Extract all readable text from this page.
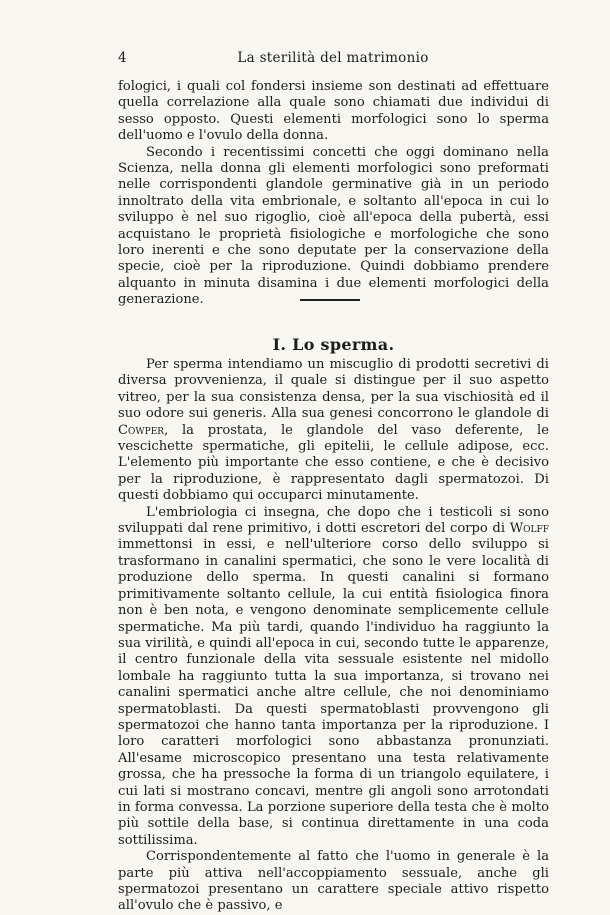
4	La sterilità del matrimonio

fologici, i quali col fondersi insieme son destinati ad effettuare quella correlazione alla quale sono chiamati due individui di sesso opposto. Questi elementi morfologici sono lo sperma dell'uomo e l'ovulo della donna.

Secondo i recentissimi concetti che oggi dominano nella Scienza, nella donna gli elementi morfologici sono preformati nelle corrispondenti glandole germinative già in un periodo innoltrato della vita embrionale, e soltanto all'epoca in cui lo sviluppo è nel suo rigoglio, cioè all'epoca della pubertà, essi acquistano le proprietà fisiologiche e morfologiche che sono loro inerenti e che sono deputate per la conservazione della specie, cioè per la riproduzione. Quindi dobbiamo prendere alquanto in minuta disamina i due elementi morfologici della generazione.

I. Lo sperma.

Per sperma intendiamo un miscuglio di prodotti secretivi di diversa provvenienza, il quale si distingue per il suo aspetto vitreo, per la sua consistenza densa, per la sua vischiosità ed il suo odore sui generis. Alla sua genesi concorrono le glandole di Cowper, la prostata, le glandole del vaso deferente, le vescichette spermatiche, gli epitelii, le cellule adipose, ecc. L'elemento più importante che esso contiene, e che è decisivo per la riproduzione, è rappresentato dagli spermatozoi. Di questi dobbiamo qui occuparci minutamente.

L'embriologia ci insegna, che dopo che i testicoli si sono sviluppati dal rene primitivo, i dotti escretori del corpo di Wolff immettonsi in essi, e nell'ulteriore corso dello sviluppo si trasformano in canalini spermatici, che sono le vere località di produzione dello sperma. In questi canalini si formano primitivamente soltanto cellule, la cui entità fisiologica finora non è ben nota, e vengono denominate semplicemente cellule spermatiche. Ma più tardi, quando l'individuo ha raggiunto la sua virilità, e quindi all'epoca in cui, secondo tutte le apparenze, il centro funzionale della vita sessuale esistente nel midollo lombale ha raggiunto tutta la sua importanza, si trovano nei canalini spermatici anche altre cellule, che noi denominiamo spermatoblasti. Da questi spermatoblasti provvengono gli spermatozoi che hanno tanta importanza per la riproduzione. I loro caratteri morfologici sono abbastanza pronunziati. All'esame microscopico presentano una testa relativamente grossa, che ha pressoche la forma di un triangolo equilatere, i cui lati si mostrano concavi, mentre gli angoli sono arrotondati in forma convessa. La porzione superiore della testa che è molto più sottile della base, si continua direttamente in una coda sottilissima.

Corrispondentemente al fatto che l'uomo in generale è la parte più attiva nell'accoppiamento sessuale, anche gli spermatozoi presentano un carattere speciale attivo rispetto all'ovulo che è passivo, e
